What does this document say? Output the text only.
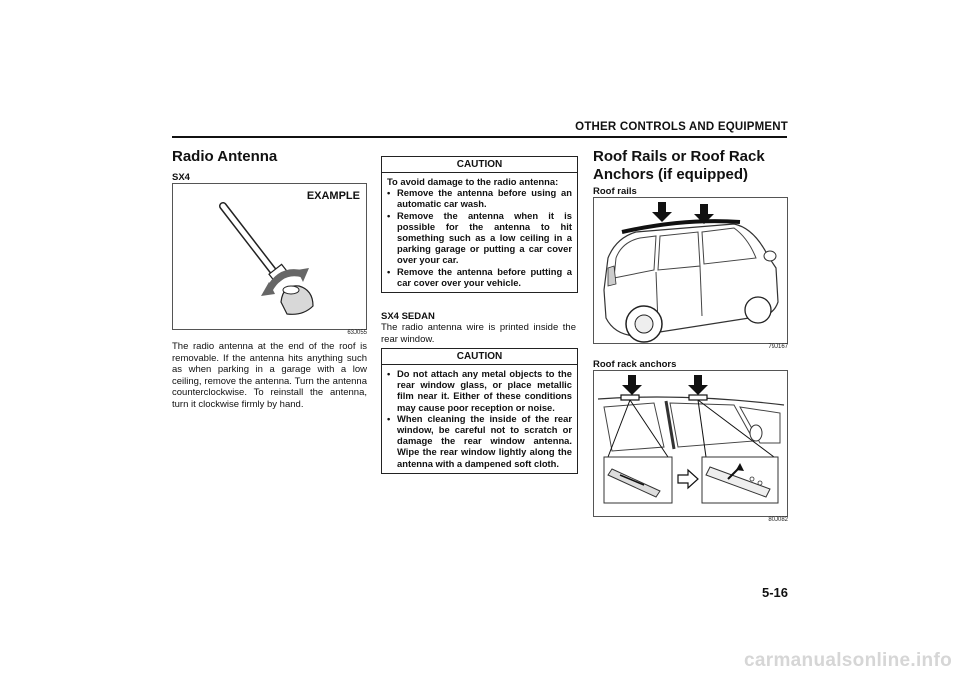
OTHER CONTROLS AND EQUIPMENT
Radio Antenna
SX4
EXAMPLE
63J055
The radio antenna at the end of the roof is removable. If the antenna hits anything such as when parking in a garage with a low ceiling, remove the antenna. Turn the antenna counterclockwise. To reinstall the antenna, turn it clockwise firmly by hand.
CAUTION
To avoid damage to the radio antenna:
• Remove the antenna before using an automatic car wash.
• Remove the antenna when it is possible for the antenna to hit something such as a low ceiling in a parking garage or putting a car cover over your car.
• Remove the antenna before putting a car cover over your vehicle.
SX4 SEDAN
The radio antenna wire is printed inside the rear window.
CAUTION
• Do not attach any metal objects to the rear window glass, or place metallic film near it. Either of these conditions may cause poor reception or noise.
• When cleaning the inside of the rear window, be careful not to scratch or damage the rear window antenna. Wipe the rear window lightly along the antenna with a dampened soft cloth.
Roof Rails or Roof Rack Anchors (if equipped)
Roof rails
79J167
Roof rack anchors
80J082
5-16
carmanualsonline.info
